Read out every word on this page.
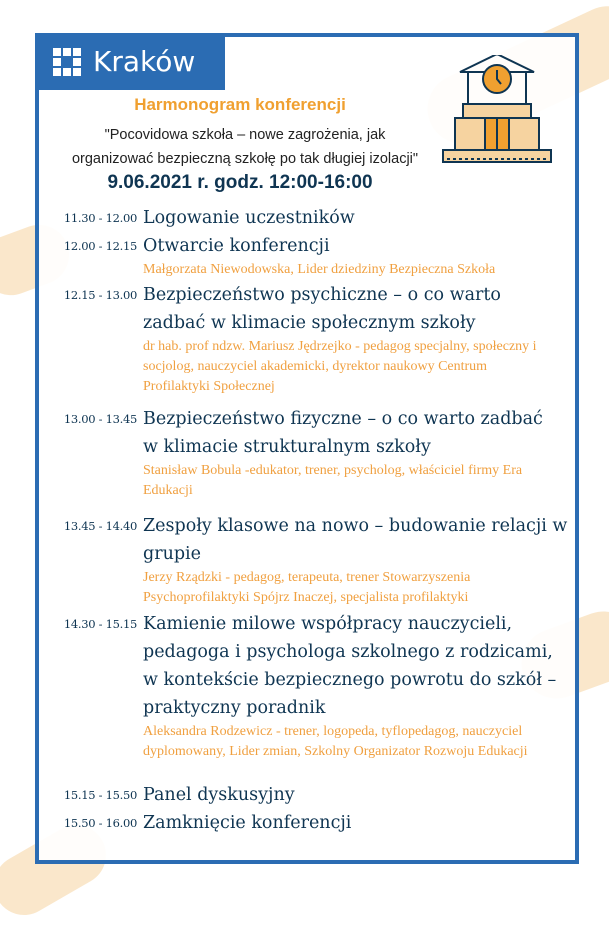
Kraków
Harmonogram konferencji
"Pocovidowa szkoła – nowe zagrożenia, jak
organizować bezpieczną szkołę po tak długiej izolacji"
9.06.2021 r. godz. 12:00-16:00
11.30 - 12.00 Logowanie uczestników
12.00 - 12.15 Otwarcie konferencji
Małgorzata Niewodowska, Lider dziedziny Bezpieczna Szkoła
12.15 - 13.00 Bezpieczeństwo psychiczne – o co warto zadbać w klimacie społecznym szkoły
dr hab. prof ndzw. Mariusz Jędrzejko - pedagog specjalny, społeczny i socjolog, nauczyciel akademicki, dyrektor naukowy Centrum Profilaktyki Społecznej
13.00 - 13.45 Bezpieczeństwo fizyczne – o co warto zadbać w klimacie strukturalnym szkoły
Stanisław Bobula -edukator, trener, psycholog, właściciel firmy Era Edukacji
13.45 - 14.40 Zespoły klasowe na nowo – budowanie relacji w grupie
Jerzy Rządzki - pedagog, terapeuta, trener Stowarzyszenia Psychoprofilaktyki Spójrz Inaczej, specjalista profilaktyki
14.30 - 15.15 Kamienie milowe współpracy nauczycieli, pedagoga i psychologa szkolnego z rodzicami, w kontekście bezpiecznego powrotu do szkół – praktyczny poradnik
Aleksandra Rodzewicz - trener, logopeda, tyflopedagog, nauczyciel dyplomowany, Lider zmian, Szkolny Organizator Rozwoju Edukacji
15.15 - 15.50 Panel dyskusyjny
15.50 - 16.00 Zamknięcie konferencji
